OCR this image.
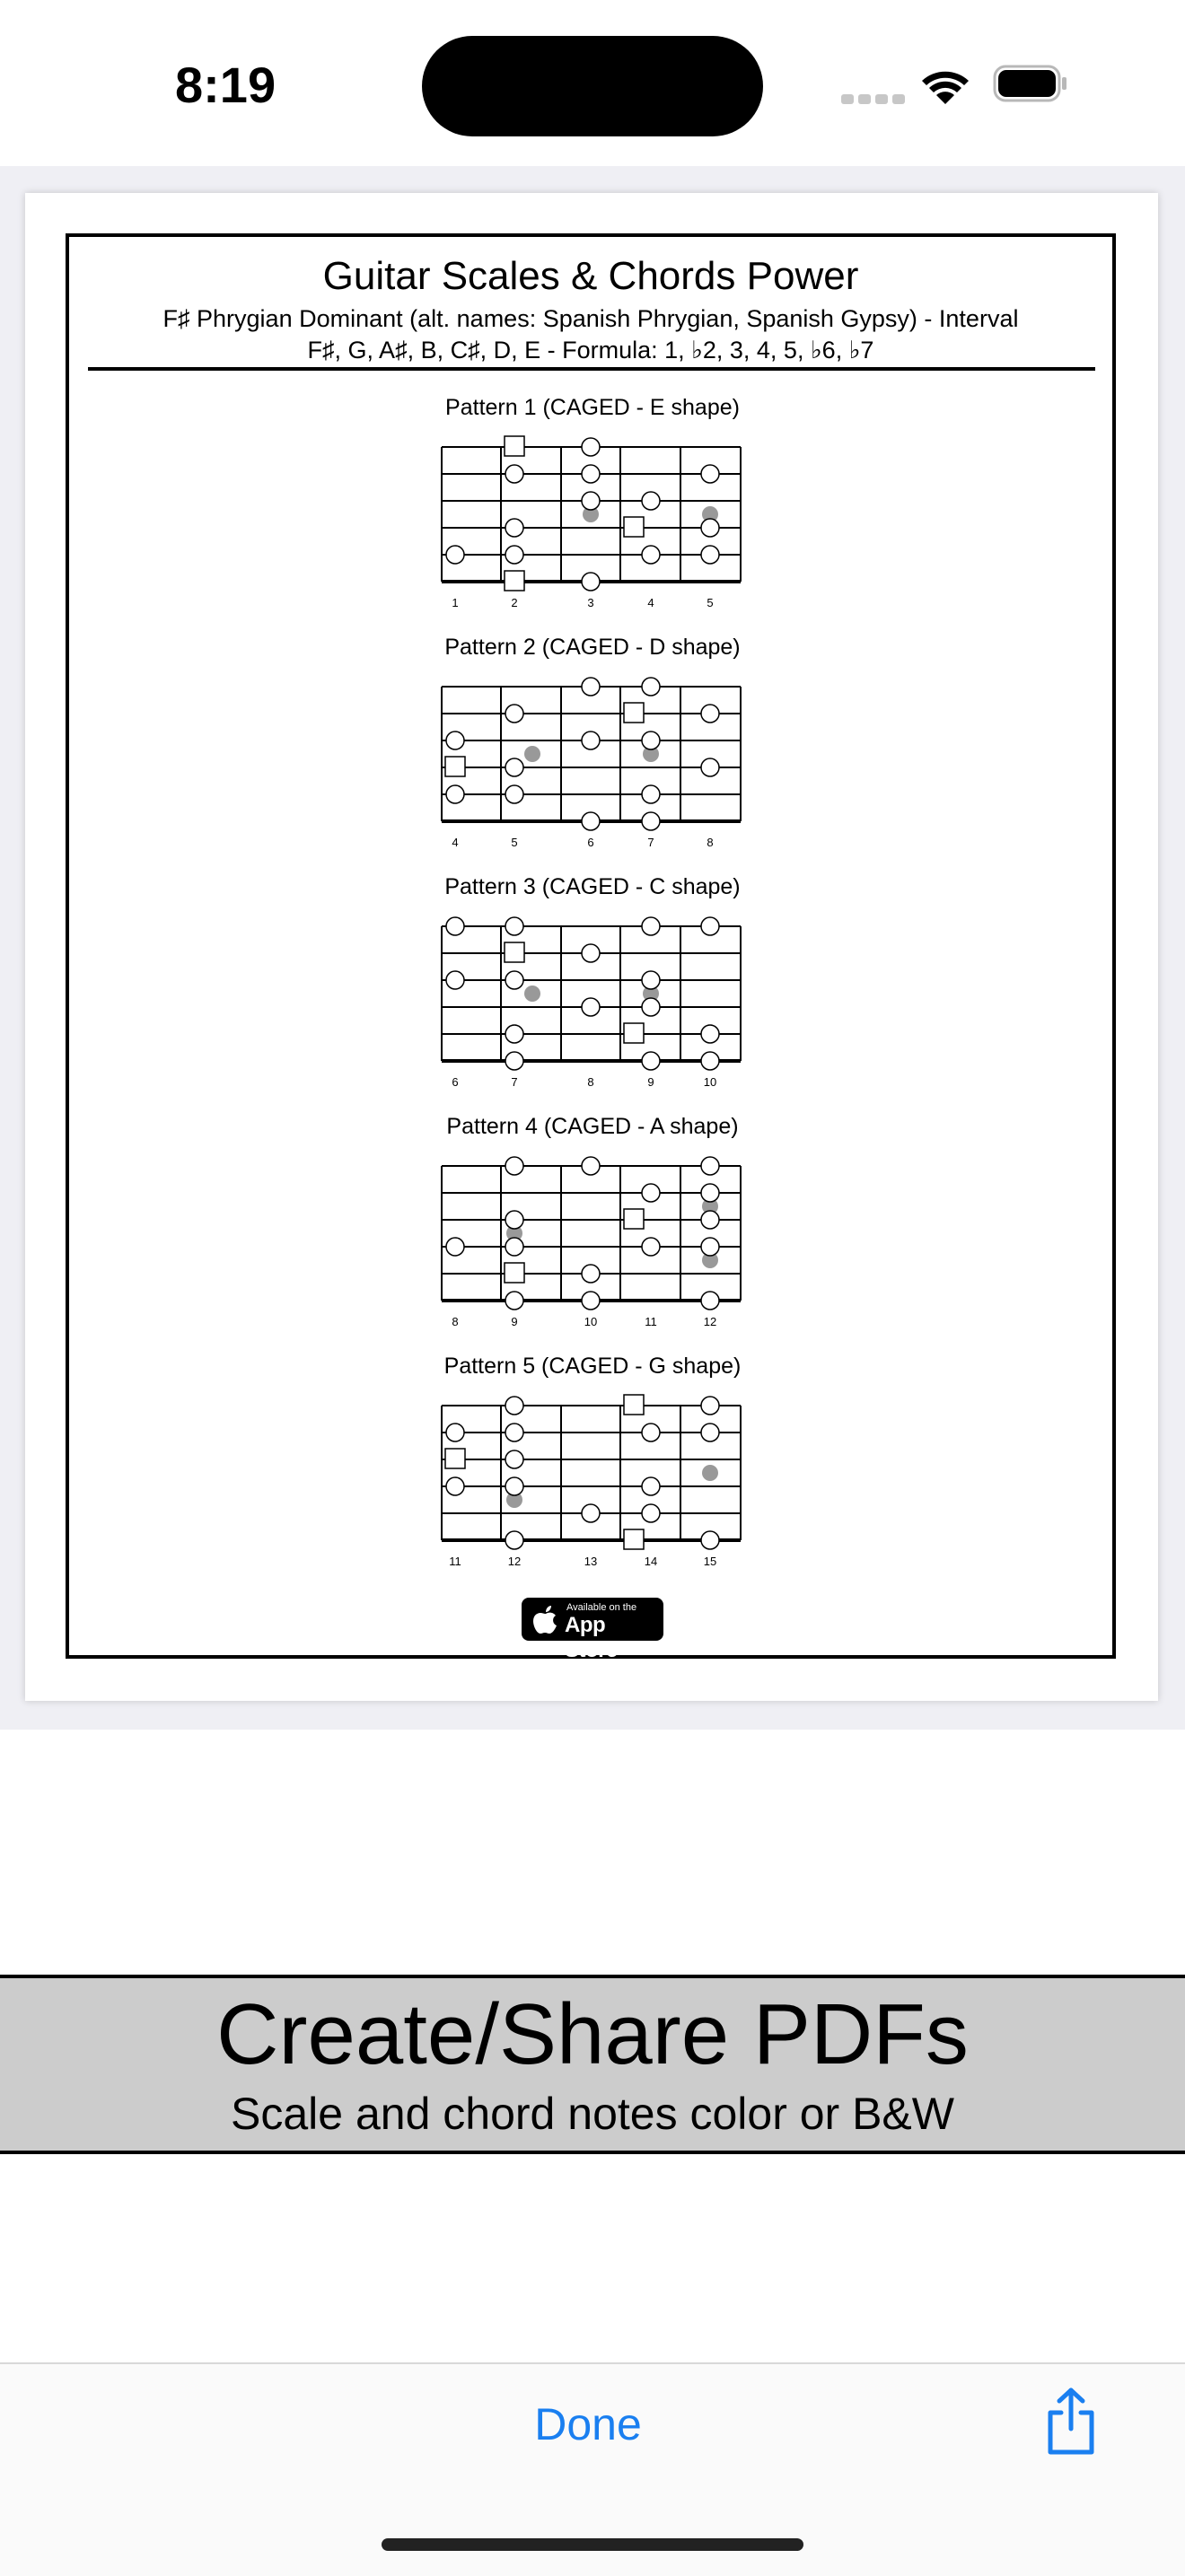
8:19
Guitar Scales & Chords Power
F♯ Phrygian Dominant (alt. names: Spanish Phrygian, Spanish Gypsy) - Interval
F♯, G, A♯, B, C♯, D, E - Formula: 1, ♭2, 3, 4, 5, ♭6, ♭7
Pattern 1 (CAGED - E shape)
Pattern 2 (CAGED - D shape)
Pattern 3 (CAGED - C shape)
Pattern 4 (CAGED - A shape)
Pattern 5 (CAGED - G shape)
Available on the
App Store
Create/Share PDFs
Scale and chord notes color or B&W
Done
1	2	3	4	5
4	5	6	7	8
6	7	8	9	10
8	9	10	11	12
11	12	13	14	15
